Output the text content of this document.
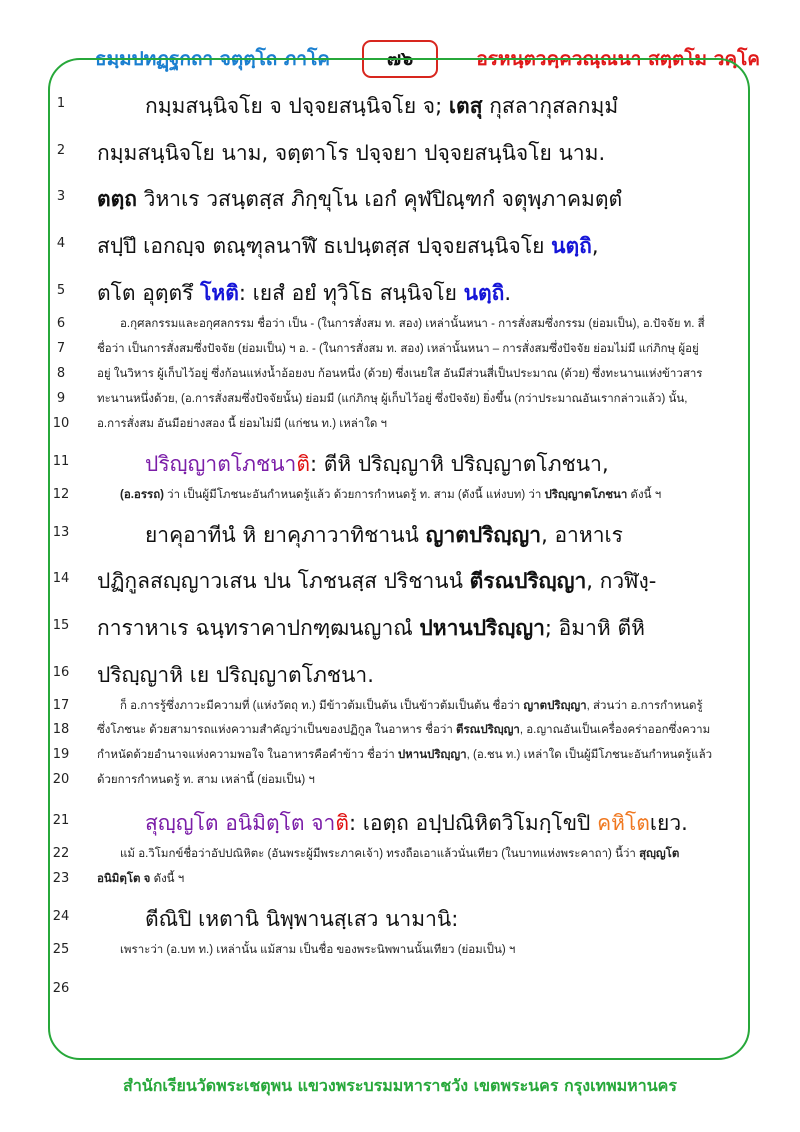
ธมฺมปทฏฺฐกถา จตุตฺโถ ภาโค	๗๖	อรหนฺตวคฺควณฺณนา สตฺตโม วคฺโค
1
2
3
4
5
6
7
8
9
10
11
12
13
14
15
16
17
18
19
20
21
22
23
24
25
26
กมฺมสนฺนิจโย จ ปจฺจยสนฺนิจโย จ; เตสุ กุสลากุสลกมฺมํ
กมฺมสนฺนิจโย นาม, จตฺตาโร ปจฺจยา ปจฺจยสนฺนิจโย นาม.
ตตฺถ วิหาเร วสนฺตสฺส ภิกฺขุโน เอกํ คุฬปิณฺฑกํ จตุพฺภาคมตฺตํ
สปฺปึ เอกญฺจ ตณฺฑุลนาฬึ ธเปนฺตสฺส ปจฺจยสนฺนิจโย นตฺถิ,
ตโต อุตฺตรึ โหติ: เยสํ อยํ ทุวิโธ สนฺนิจโย นตฺถิ.
อ.กุศลกรรมและอกุศลกรรม ชื่อว่า เป็น - (ในการสั่งสม ท. สอง) เหล่านั้นหนา - การสั่งสมซึ่งกรรม (ย่อมเป็น), อ.ปัจจัย ท. สี่
ชื่อว่า เป็นการสั่งสมซึ่งปัจจัย (ย่อมเป็น) ฯ อ. - (ในการสั่งสม ท. สอง) เหล่านั้นหนา – การสั่งสมซึ่งปัจจัย ย่อมไม่มี แก่ภิกษุ ผู้อยู่
อยู่ ในวิหาร ผู้เก็บไว้อยู่ ซึ่งก้อนแห่งน้ำอ้อยงบ ก้อนหนึ่ง (ด้วย) ซึ่งเนยใส อันมีส่วนสี่เป็นประมาณ (ด้วย) ซึ่งทะนานแห่งข้าวสาร
ทะนานหนึ่งด้วย, (อ.การสั่งสมซึ่งปัจจัยนั้น) ย่อมมี (แก่ภิกษุ ผู้เก็บไว้อยู่ ซึ่งปัจจัย) ยิ่งขึ้น (กว่าประมาณอันเรากล่าวแล้ว) นั้น,
อ.การสั่งสม อันมีอย่างสอง นี้ ย่อมไม่มี (แก่ชน ท.) เหล่าใด ฯ
ปริญฺญาตโภชนาติ: ตีหิ ปริญฺญาหิ ปริญฺญาตโภชนา,
(อ.อรรถ) ว่า เป็นผู้มีโภชนะอันกำหนดรู้แล้ว ด้วยการกำหนดรู้ ท. สาม (ดังนี้ แห่งบท) ว่า ปริญฺญาตโภชนา ดังนี้ ฯ
ยาคุอาทีนํ หิ ยาคุภาวาทิชานนํ ญาตปริญฺญา, อาหาเร
ปฏิกูลสญฺญาวเสน ปน โภชนสฺส ปริชานนํ ตีรณปริญฺญา, กวฬิงฺ-
การาหาเร ฉนฺทราคาปกฑฺฒนญาณํ ปหานปริญฺญา; อิมาหิ ตีหิ
ปริญฺญาหิ เย ปริญฺญาตโภชนา.
ก็ อ.การรู้ซึ่งภาวะมีความที่ (แห่งวัตถุ ท.) มีข้าวต้มเป็นต้น เป็นข้าวต้มเป็นต้น ชื่อว่า ญาตปริญฺญา, ส่วนว่า อ.การกำหนดรู้
ซึ่งโภชนะ ด้วยสามารถแห่งความสำคัญว่าเป็นของปฏิกูล ในอาหาร ชื่อว่า ตีรณปริญฺญา, อ.ญาณอันเป็นเครื่องคร่าออกซึ่งความ
กำหนัดด้วยอำนาจแห่งความพอใจ ในอาหารคือคำข้าว ชื่อว่า ปหานปริญฺญา, (อ.ชน ท.) เหล่าใด เป็นผู้มีโภชนะอันกำหนดรู้แล้ว
ด้วยการกำหนดรู้ ท. สาม เหล่านี้ (ย่อมเป็น) ฯ
สุญฺญโต อนิมิตฺโต จาติ: เอตฺถ อปฺปณิหิตวิโมกฺโขปิ คหิโตเยว.
แม้ อ.วิโมกข์ชื่อว่าอัปปณิหิตะ (อันพระผู้มีพระภาคเจ้า) ทรงถือเอาแล้วนั่นเทียว (ในบาทแห่งพระคาถา) นี้ว่า สุญฺญโต
อนิมิตฺโต จ ดังนี้ ฯ
ตีณิปิ เหตานิ นิพฺพานสฺเสว นามานิ:
เพราะว่า (อ.บท ท.) เหล่านั้น แม้สาม เป็นชื่อ ของพระนิพพานนั้นเทียว (ย่อมเป็น) ฯ
สำนักเรียนวัดพระเชตุพน แขวงพระบรมมหาราชวัง เขตพระนคร กรุงเทพมหานคร
